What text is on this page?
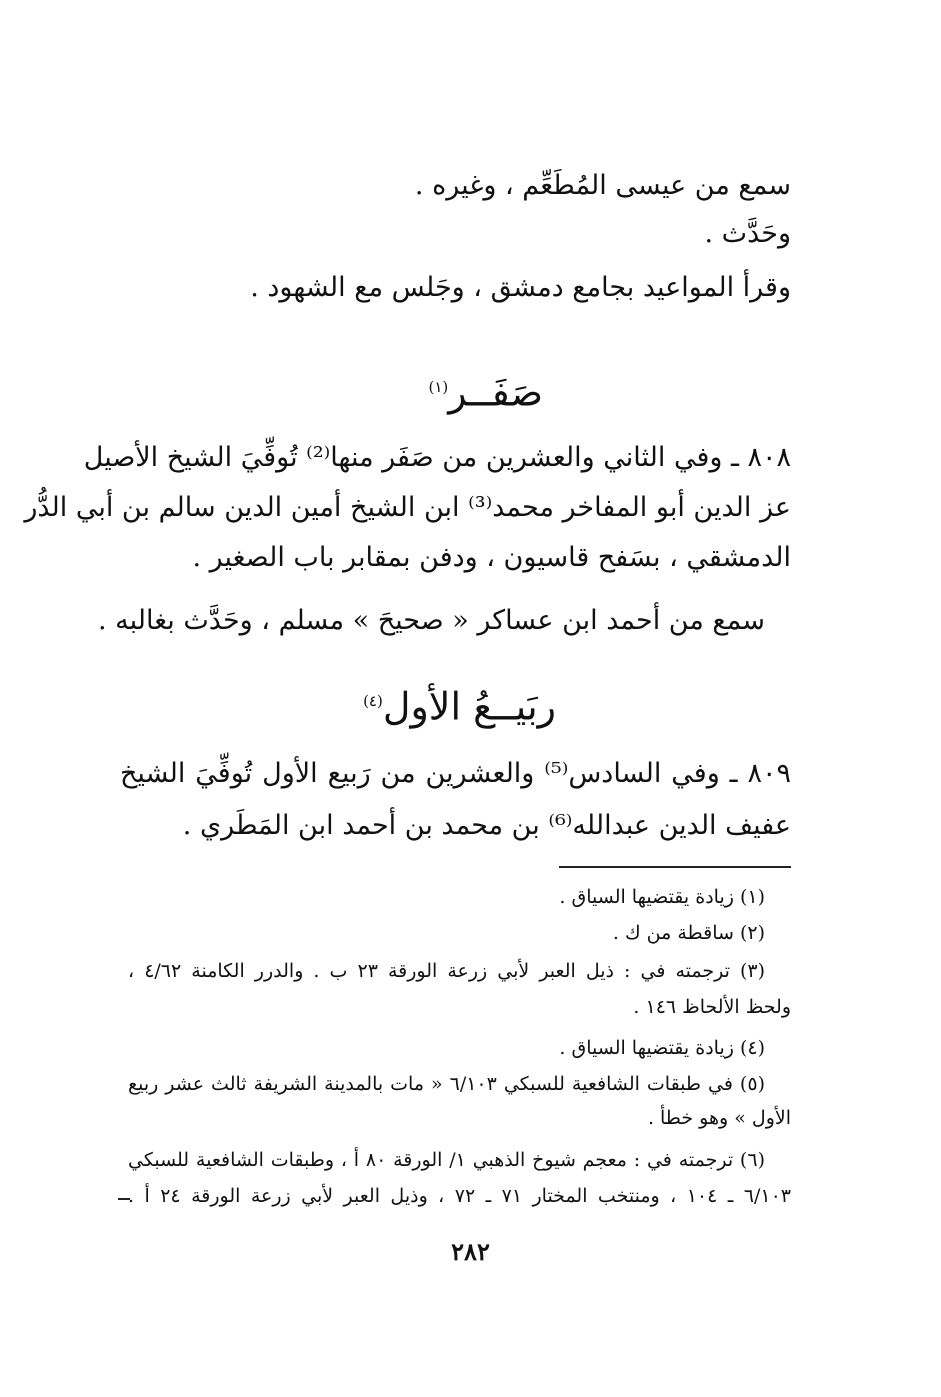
سمع من عيسى المُطَعِّم ، وغيره .
وحَدَّث .
وقرأ المواعيد بجامع دمشق ، وجَلس مع الشهود .
صَفَــر$^{(١)}$
٨٠٨ ـ وفي الثاني والعشرين من صَفَر منها⁽²⁾ تُوفِّيَ الشيخ الأصيل
عز الدين أبو المفاخر محمد⁽³⁾ ابن الشيخ أمين الدين سالم بن أبي الدُّر
الدمشقي ، بسَفح قاسيون ، ودفن بمقابر باب الصغير .
سمع من أحمد ابن عساكر « صحيحَ » مسلم ، وحَدَّث بغالبه .
ربَيــعُ الأول$^{(٤)}$
٨٠٩ ـ وفي السادس⁽⁵⁾ والعشرين من رَبيع الأول تُوفِّيَ الشيخ
عفيف الدين عبدالله⁽⁶⁾ بن محمد بن أحمد ابن المَطَري .
(١) زيادة يقتضيها السياق .
(٢) ساقطة من ك .
(٣) ترجمته في : ذيل العبر لأبي زرعة الورقة ٢٣ ب . والدرر الكامنة ٤/٦٢ ،
ولحظ الألحاظ ١٤٦ .
(٤) زيادة يقتضيها السياق .
(٥) في طبقات الشافعية للسبكي ٦/١٠٣ « مات بالمدينة الشريفة ثالث عشر ربيع
الأول » وهو خطأ .
(٦) ترجمته في : معجم شيوخ الذهبي ١/ الورقة ٨٠ أ ، وطبقات الشافعية للسبكي
٦/١٠٣ ـ ١٠٤ ، ومنتخب المختار ٧١ ـ ٧٢ ، وذيل العبر لأبي زرعة الورقة ٢٤ أ .
٢٨٢
